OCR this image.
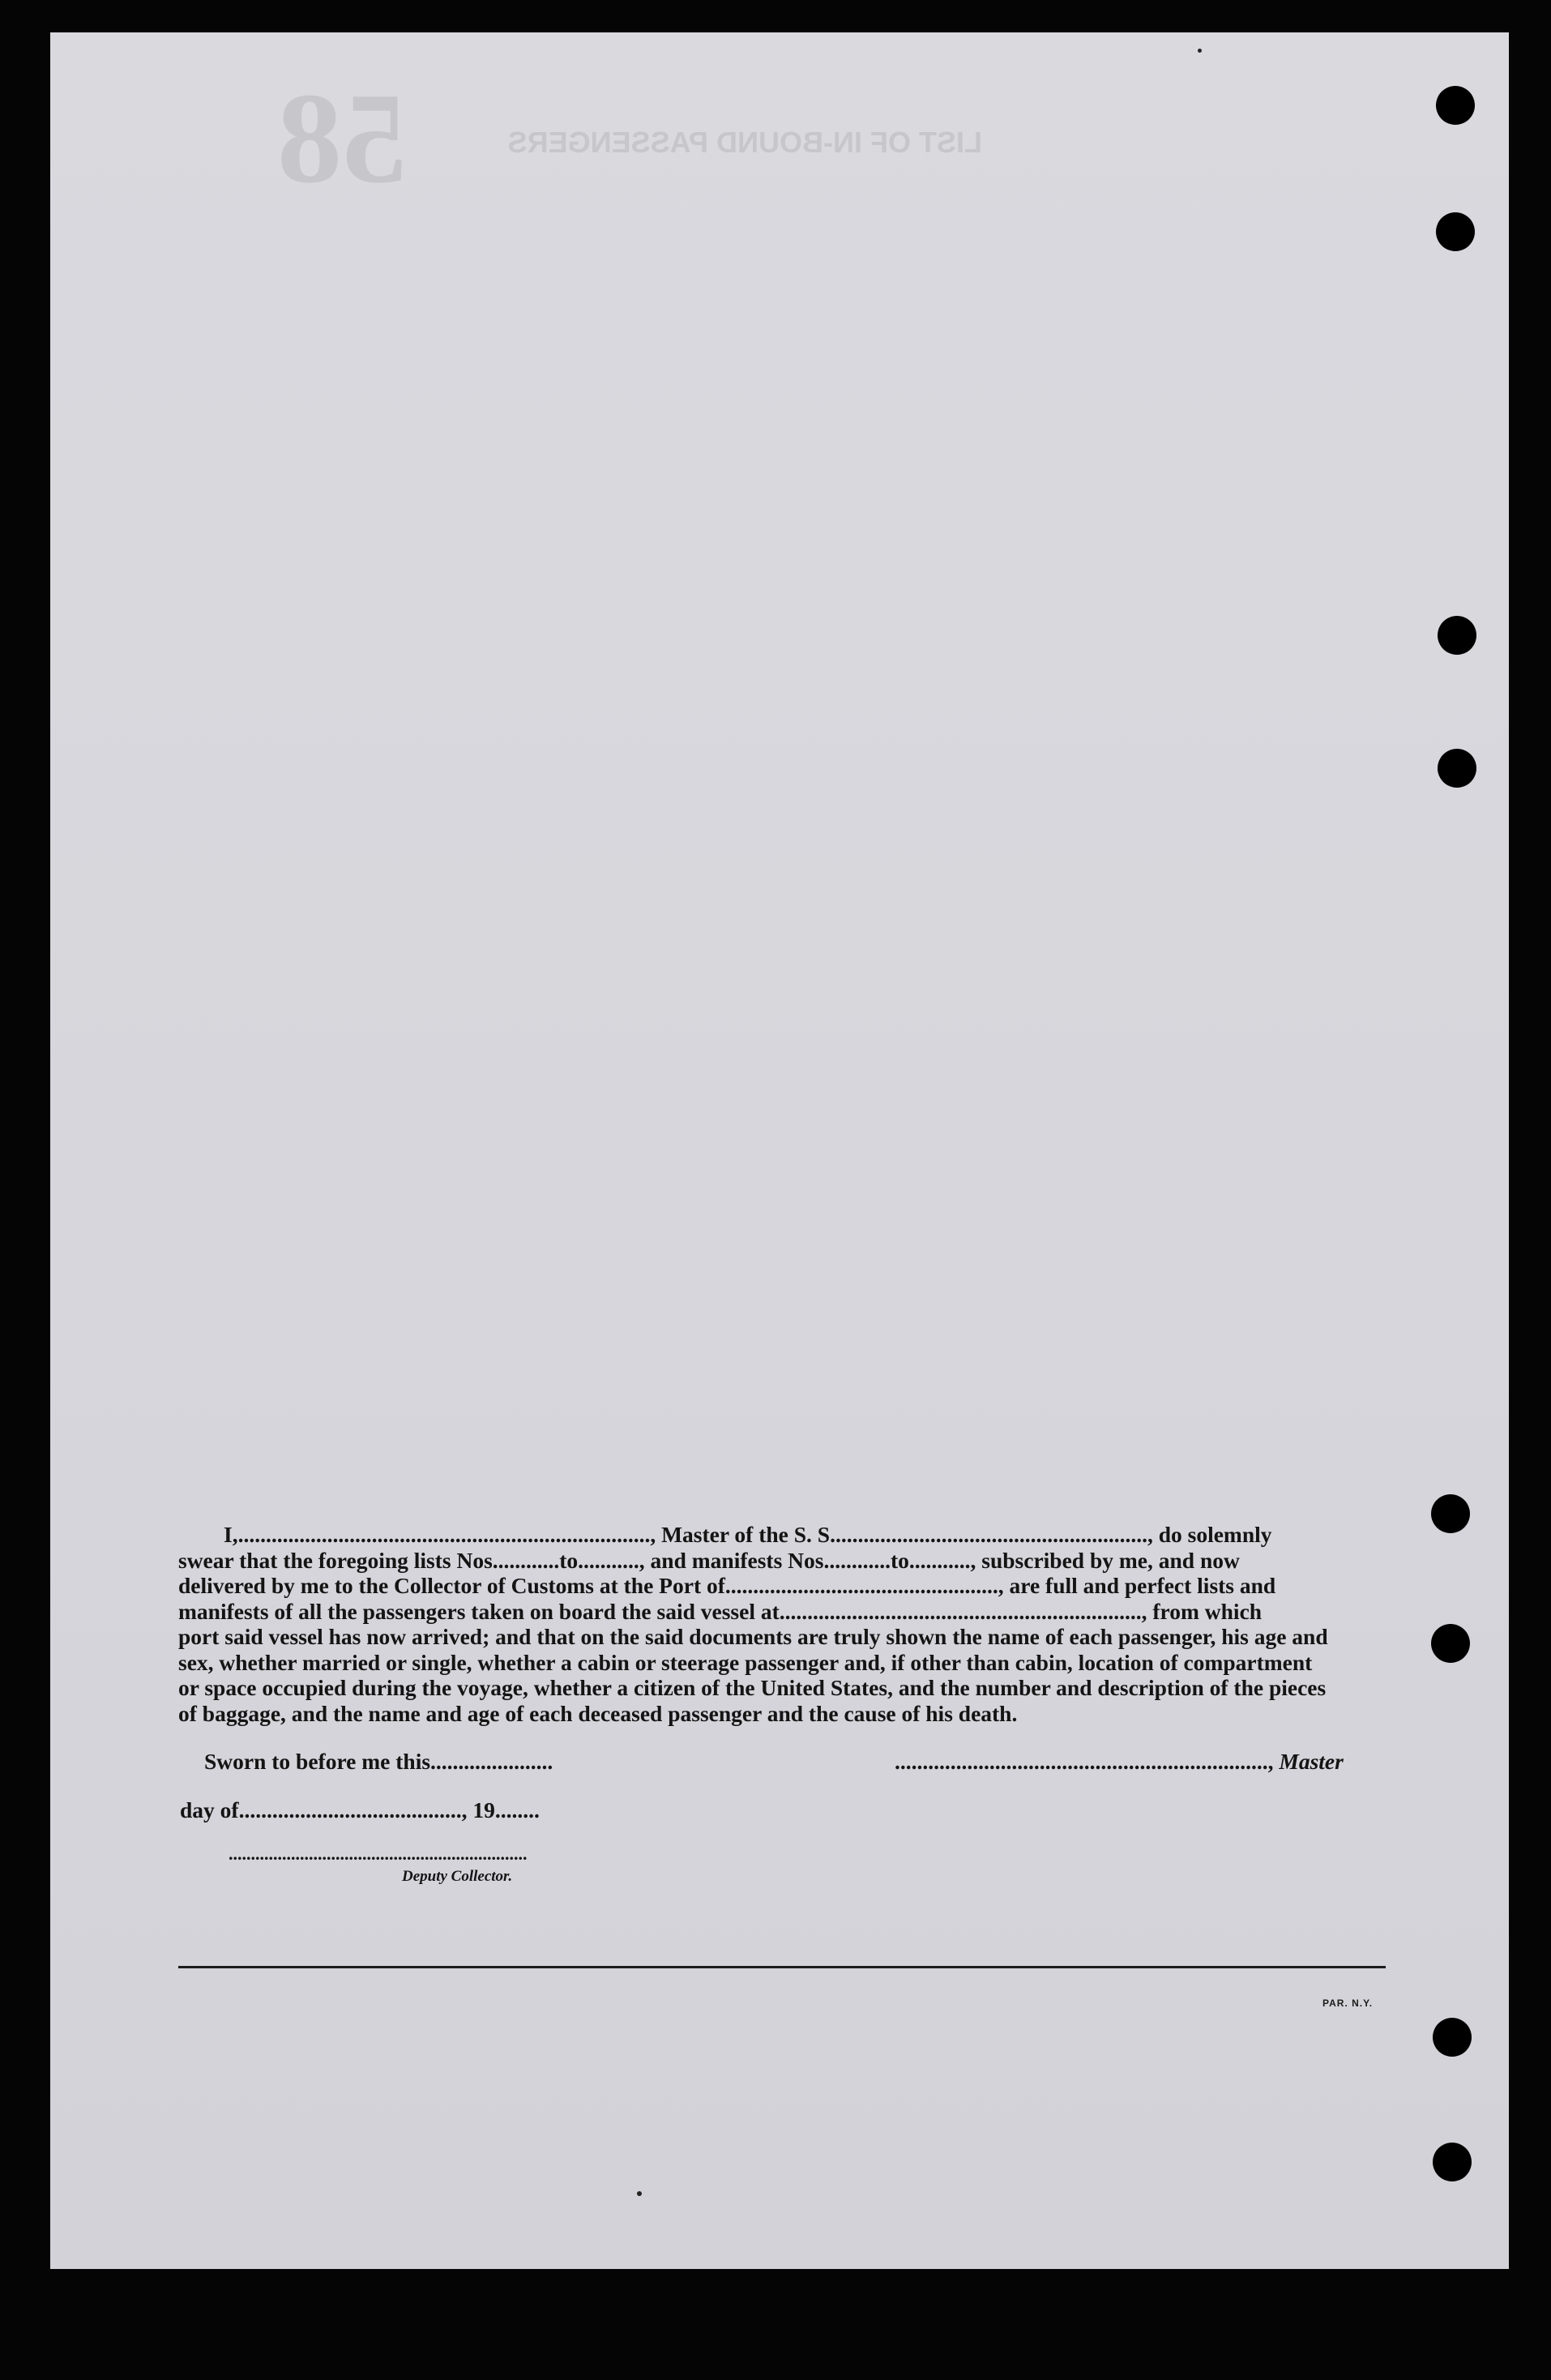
58	LIST OF IN-BOUND PASSENGERS
I,.........................................................................., Master of the S. S........................................................., do solemnly
swear that the foregoing lists Nos............to..........., and manifests Nos............to..........., subscribed by me, and now
delivered by me to the Collector of Customs at the Port of................................................., are full and perfect lists and
manifests of all the passengers taken on board the said vessel at................................................................., from which
port said vessel has now arrived; and that on the said documents are truly shown the name of each passenger, his age and
sex, whether married or single, whether a cabin or steerage passenger and, if other than cabin, location of compartment
or space occupied during the voyage, whether a citizen of the United States, and the number and description of the pieces
of baggage, and the name and age of each deceased passenger and the cause of his death.
Sworn to before me this......................	..................................................................., Master
day of........................................, 19........
...................................................................
Deputy Collector.
PAR. N.Y.
